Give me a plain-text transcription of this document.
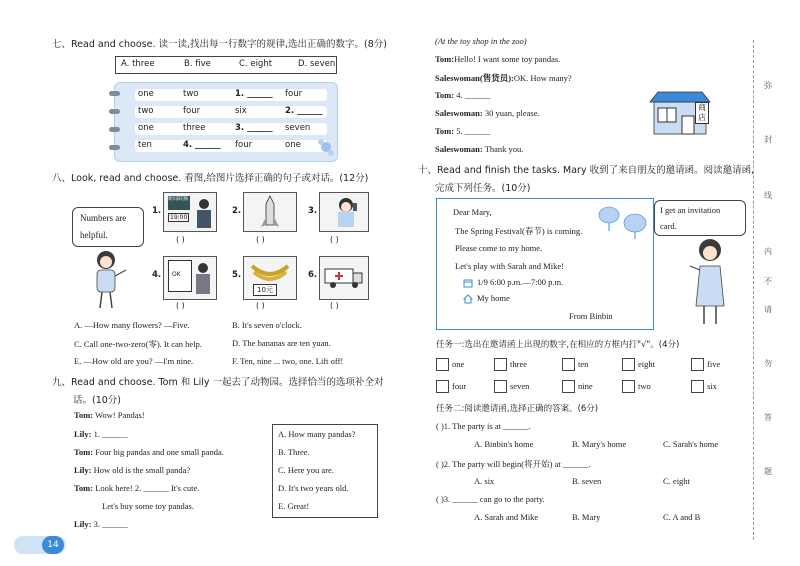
七、Read and choose. 读一读,找出每一行数字的规律,选出正确的数字。(8分)
A. three	B. five	C. eight	D. seven
one	two	1. ______ four
two	four	six	2. ______
one	three	3. ______ seven
ten	4. ______ four	one
八、Look, read and choose. 看图,给图片选择正确的句子或对话。(12分)
Numbers are
helpful.
1.
新闻联播
19:00
( )
2.
( )
3.
( )
4. OK
( )
5.
10元
( )
6.
( )
A. —How many flowers? —Five.	B. It's seven o'clock.
C. Call one-two-zero(零). It can help.	D. The bananas are ten yuan.
E. —How old are you? —I'm nine.	F. Ten, nine ... two, one. Lift off!
九、Read and choose. Tom 和 Lily 一起去了动物园。选择恰当的选项补全对
话。(10分)
Tom: Wow! Pandas!
Lily: 1. ______
Tom: Four big pandas and one small panda.
Lily: How old is the small panda?
Tom: Look here! 2. ______ It's cute.
Let's buy some toy pandas.
Lily: 3. ______
A. How many pandas?
B. Three.
C. Here you are.
D. It's two years old.
E. Great!
14
(At the toy shop in the zoo)
Tom:Hello! I want some toy pandas.
Saleswoman(售货员):OK. How many?
Tom: 4. ______
Saleswoman: 30 yuan, please.
Tom: 5. ______
Saleswoman: Thank you.
商
店
十、Read and finish the tasks. Mary 收到了来自朋友的邀请函。阅读邀请函,
完成下列任务。(10分)
Dear Mary,
The Spring Festival(春节) is coming.
Please come to my home.
Let's play with Sarah and Mike!
1/9 6:00 p.m.—7:00 p.m.
My home
From Binbin
I get an invitation
card.
任务一:选出在邀请函上出现的数字,在相应的方框内打"√"。(4分)
one	three	ten	eight	five
four	seven	nine	two	six
任务二:阅读邀请函,选择正确的答案。(6分)
( )1. The party is at ______.
A. Binbin's home	B. Mary's home	C. Sarah's home
( )2. The party will begin(将开始) at ______.
A. six	B. seven	C. eight
( )3. ______ can go to the party.
A. Sarah and Mike	B. Mary	C. A and B
弥
封
线
内
不
请
勿
答
题
